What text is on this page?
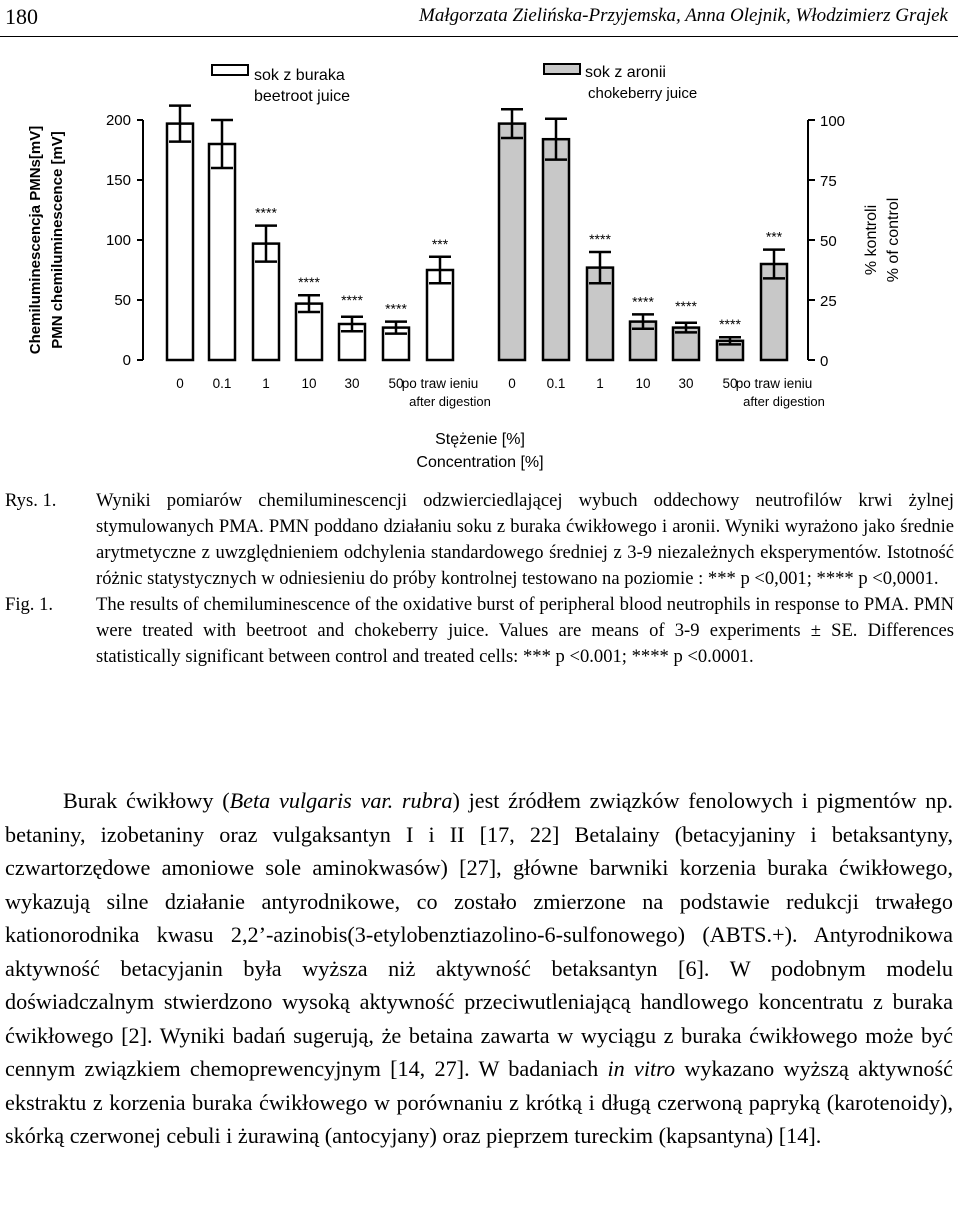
180	Małgorzata Zielińska-Przyjemska, Anna Olejnik, Włodzimierz Grajek
0
50
100
150
200
0
25
50
75
100
Chemiluminescencja PMNs[mV] PMN chemiluminescence [mV]	% kontroli % of control
0 0.1
****
1
****
10
****
30
****
50
***
po traw ieniu
after digestion
0 0.1
****
1
****
10
****
30
****
50
***
po traw ieniu
after digestion
sok z buraka
beetroot juice
sok z aronii
chokeberry juice
Stężenie [%]
Concentration [%]
Rys. 1. Wyniki pomiarów chemiluminescencji odzwierciedlającej wybuch oddechowy neutrofilów krwi żylnej stymulowanych PMA. PMN poddano działaniu soku z buraka ćwikłowego i aronii. Wyniki wyrażono jako średnie arytmetyczne z uwzględnieniem odchylenia standardowego średniej z 3-9 niezależnych eksperymentów. Istotność różnic statystycznych w odniesieniu do próby kontrolnej testowano na poziomie : *** p <0,001; **** p <0,0001.
Fig. 1. The results of chemiluminescence of the oxidative burst of peripheral blood neutrophils in response to PMA. PMN were treated with beetroot and chokeberry juice. Values are means of 3-9 experiments ± SE. Differences statistically significant between control and treated cells: *** p <0.001; **** p <0.0001.

Burak ćwikłowy (Beta vulgaris var. rubra) jest źródłem związków fenolowych i pigmentów np. betaniny, izobetaniny oraz vulgaksantyn I i II [17, 22] Betalainy (betacyjaniny i betaksantyny, czwartorzędowe amoniowe sole aminokwasów) [27], główne barwniki korzenia buraka ćwikłowego, wykazują silne działanie antyrodnikowe, co zostało zmierzone na podstawie redukcji trwałego kationorodnika kwasu 2,2’-azinobis(3-etylobenztiazolino-6-sulfonowego) (ABTS.+). Antyrodnikowa aktywność betacyjanin była wyższa niż aktywność betaksantyn [6]. W podobnym modelu doświadczalnym stwierdzono wysoką aktywność przeciwutleniającą handlowego koncentratu z buraka ćwikłowego [2]. Wyniki badań sugerują, że betaina zawarta w wyciągu z buraka ćwikłowego może być cennym związkiem chemoprewencyjnym [14, 27]. W badaniach in vitro wykazano wyższą aktywność ekstraktu z korzenia buraka ćwikłowego w porównaniu z krótką i długą czerwoną papryką (karotenoidy), skórką czerwonej cebuli i żurawiną (antocyjany) oraz pieprzem tureckim (kapsantyna) [14].
